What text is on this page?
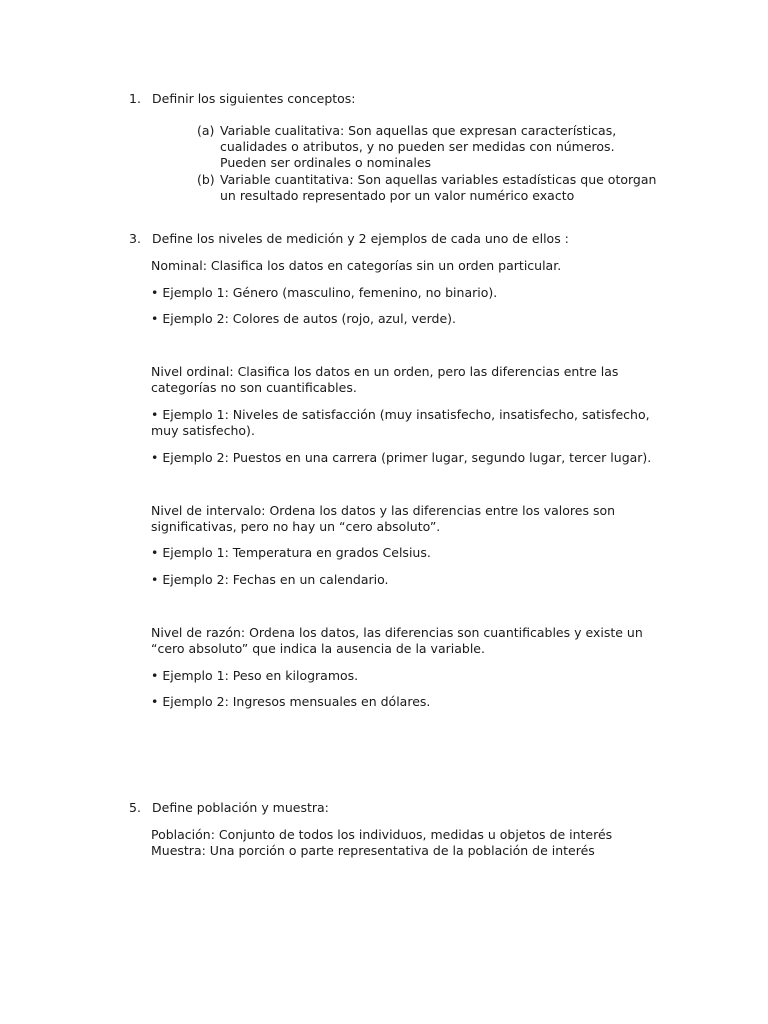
1. Definir los siguientes conceptos:

(a) Variable cualitativa: Son aquellas que expresan características,

cualidades o atributos, y no pueden ser medidas con números.

Pueden ser ordinales o nominales

(b) Variable cuantitativa: Son aquellas variables estadísticas que otorgan

un resultado representado por un valor numérico exacto

3. Define los niveles de medición y 2 ejemplos de cada uno de ellos :

Nominal: Clasifica los datos en categorías sin un orden particular.

• Ejemplo 1: Género (masculino, femenino, no binario).

• Ejemplo 2: Colores de autos (rojo, azul, verde).

Nivel ordinal: Clasifica los datos en un orden, pero las diferencias entre las

categorías no son cuantificables.

• Ejemplo 1: Niveles de satisfacción (muy insatisfecho, insatisfecho, satisfecho,

muy satisfecho).

• Ejemplo 2: Puestos en una carrera (primer lugar, segundo lugar, tercer lugar).

Nivel de intervalo: Ordena los datos y las diferencias entre los valores son

significativas, pero no hay un “cero absoluto”.

• Ejemplo 1: Temperatura en grados Celsius.

• Ejemplo 2: Fechas en un calendario.

Nivel de razón: Ordena los datos, las diferencias son cuantificables y existe un

“cero absoluto” que indica la ausencia de la variable.

• Ejemplo 1: Peso en kilogramos.

• Ejemplo 2: Ingresos mensuales en dólares.

5. Define población y muestra:

Población: Conjunto de todos los individuos, medidas u objetos de interés

Muestra: Una porción o parte representativa de la población de interés
